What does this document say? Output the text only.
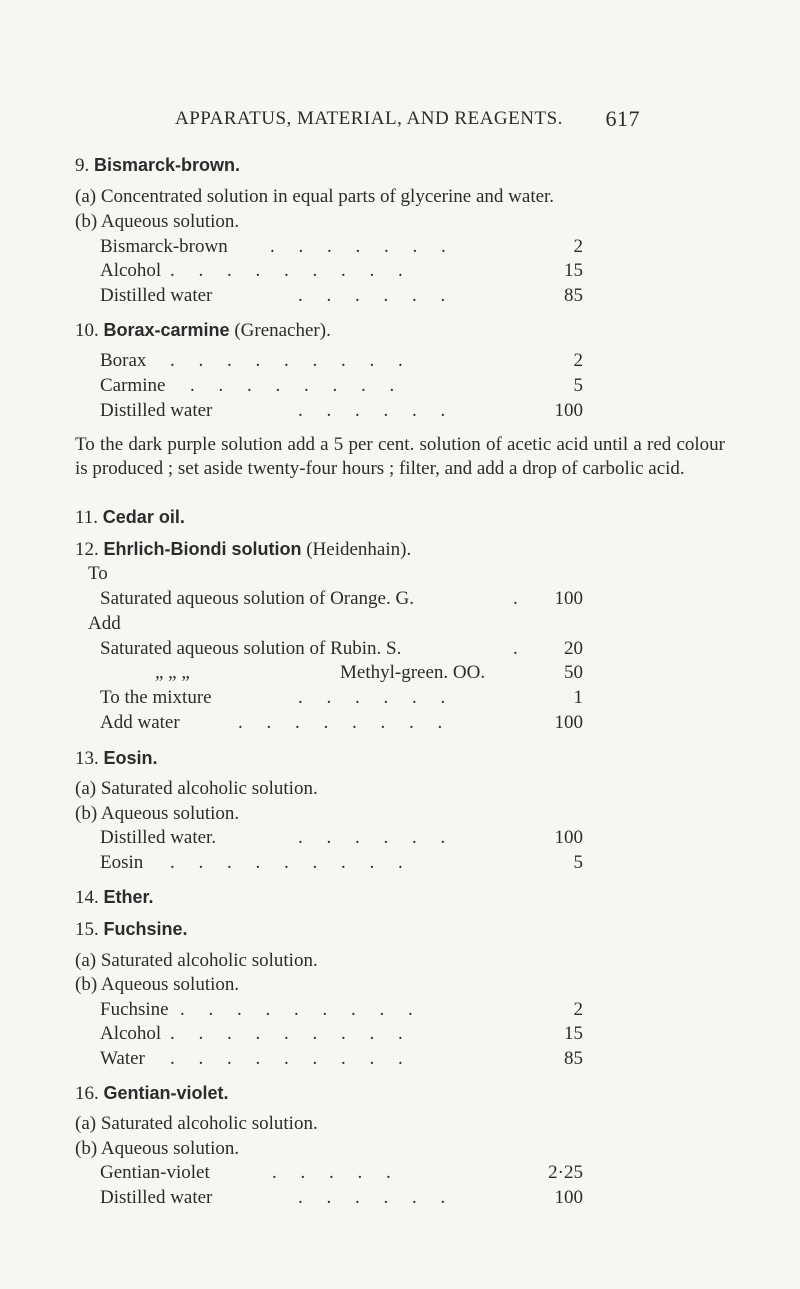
APPARATUS, MATERIAL, AND REAGENTS. 617
9. Bismarck-brown.
(a) Concentrated solution in equal parts of glycerine and water.
(b) Aqueous solution.
Bismarck-brown .     .     .     .     .     .     .	2
Alcohol .     .     .     .     .     .     .     .     .	15
Distilled water	.     .     .     .     .     .	85
10. Borax-carmine (Grenacher).
Borax .     .     .     .     .     .     .     .     .	2
Carmine .     .     .     .     .     .     .     .	5
Distilled water	.     .     .     .     .     .	100
To the dark purple solution add a 5 per cent. solution of acetic acid until a red colour is produced ; set aside twenty-four hours ; filter, and add a drop of carbolic acid.
11. Cedar oil.
12. Ehrlich-Biondi solution (Heidenhain).
To
Saturated aqueous solution of Orange. G.	. 100
Add
Saturated aqueous solution of Rubin. S.	. 20
„ „ „	Methyl-green. OO.	50
To the mixture	.     .     .     .     .     .	1
Add water	.     .     .     .     .     .     .     .	100
13. Eosin.
(a) Saturated alcoholic solution.
(b) Aqueous solution.
Distilled water.	.     .     .     .     .     .	100
Eosin .     .     .     .     .     .     .     .     .	5
14. Ether.
15. Fuchsine.
(a) Saturated alcoholic solution.
(b) Aqueous solution.
Fuchsine .     .     .     .     .     .     .     .     .	2
Alcohol .     .     .     .     .     .     .     .     .	15
Water .     .     .     .     .     .     .     .     .	85
16. Gentian-violet.
(a) Saturated alcoholic solution.
(b) Aqueous solution.
Gentian-violet	.     .     .     .     .	2·25
Distilled water	.     .     .     .     .     .	100
